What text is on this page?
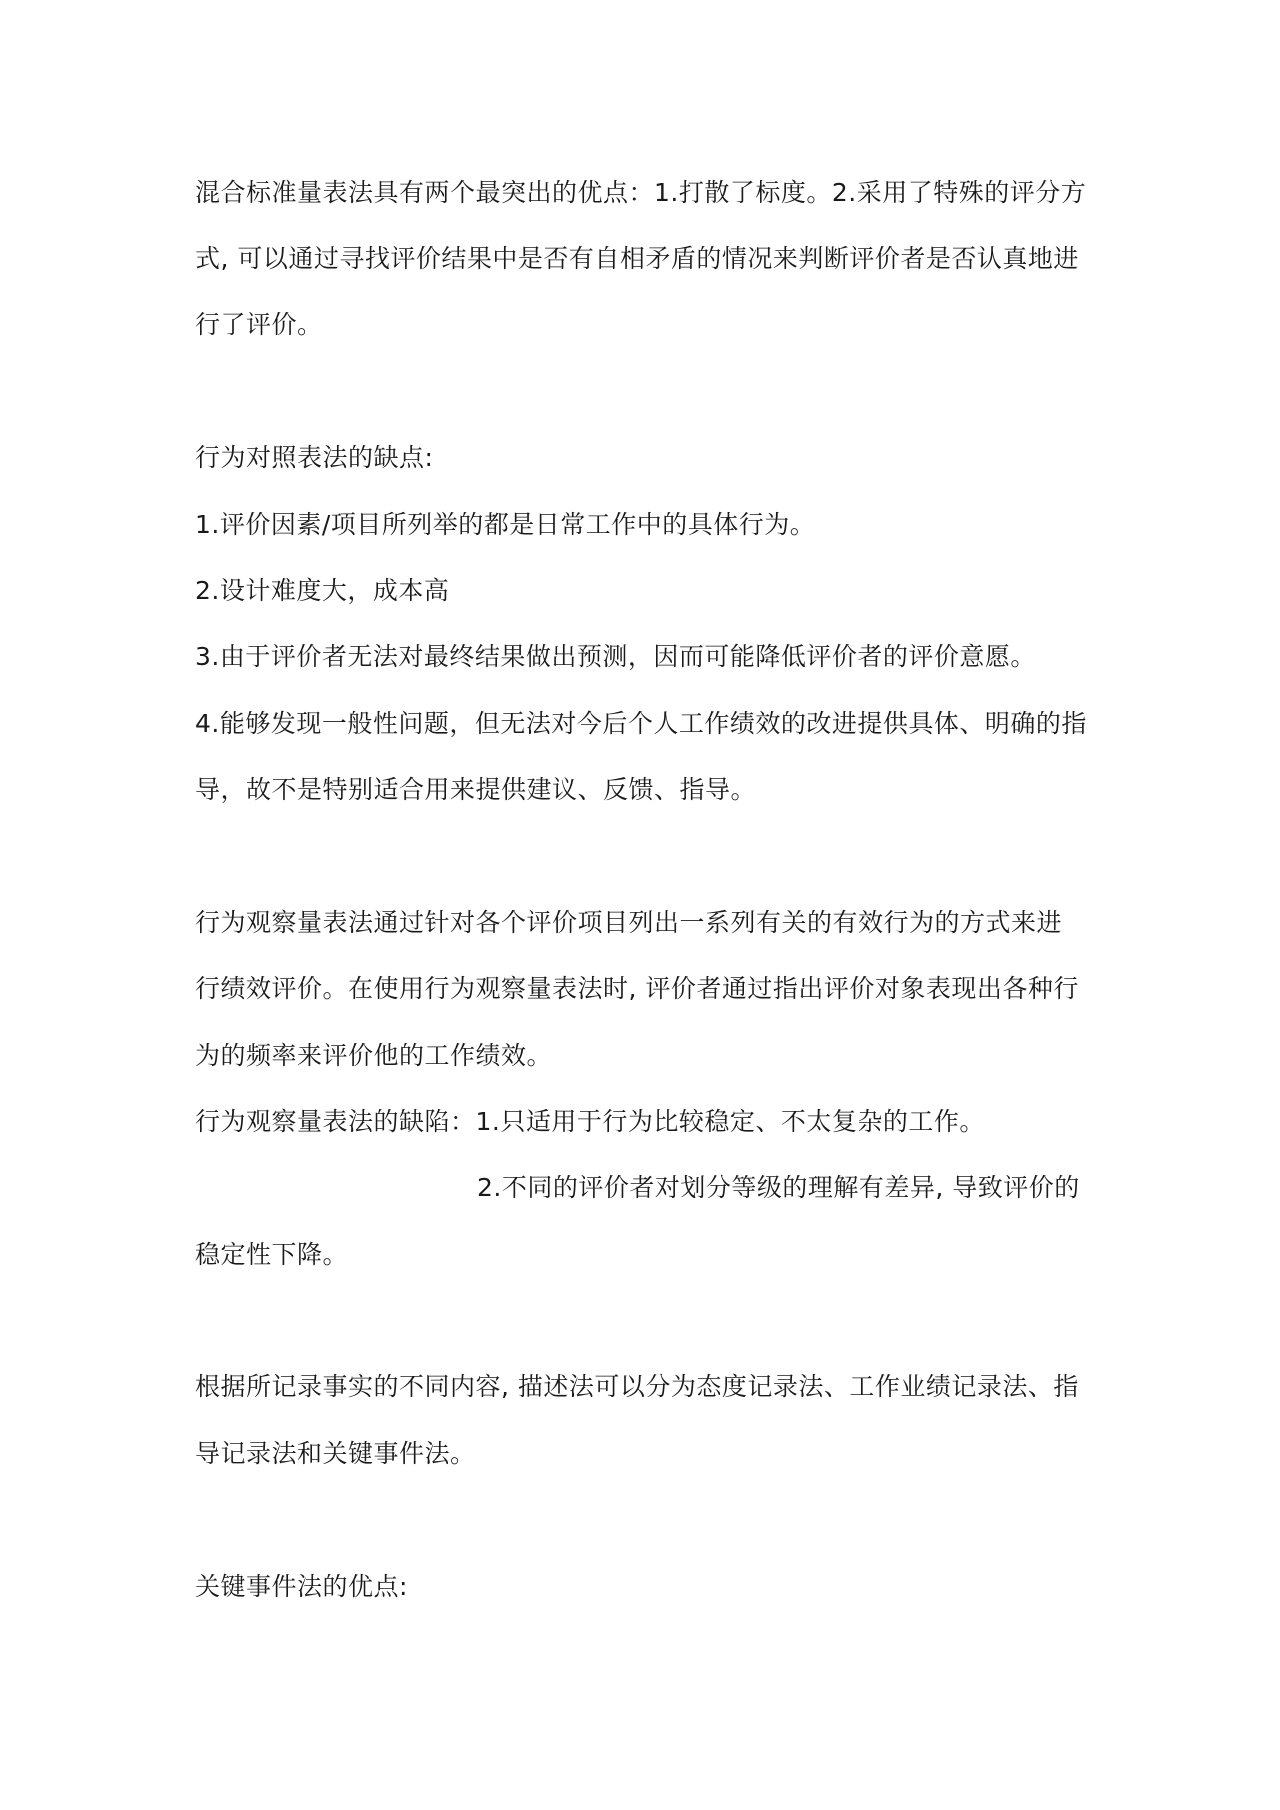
混合标准量表法具有两个最突出的优点：1.打散了标度。2.采用了特殊的评分方
式, 可以通过寻找评价结果中是否有自相矛盾的情况来判断评价者是否认真地进
行了评价。
行为对照表法的缺点:
1.评价因素/项目所列举的都是日常工作中的具体行为。
2.设计难度大，成本高
3.由于评价者无法对最终结果做出预测，因而可能降低评价者的评价意愿。
4.能够发现一般性问题，但无法对今后个人工作绩效的改进提供具体、明确的指
导，故不是特别适合用来提供建议、反馈、指导。
行为观察量表法通过针对各个评价项目列出一系列有关的有效行为的方式来进
行绩效评价。在使用行为观察量表法时, 评价者通过指出评价对象表现出各种行
为的频率来评价他的工作绩效。
行为观察量表法的缺陷：1.只适用于行为比较稳定、不太复杂的工作。
2.不同的评价者对划分等级的理解有差异, 导致评价的
稳定性下降。
根据所记录事实的不同内容, 描述法可以分为态度记录法、工作业绩记录法、指
导记录法和关键事件法。
关键事件法的优点:
